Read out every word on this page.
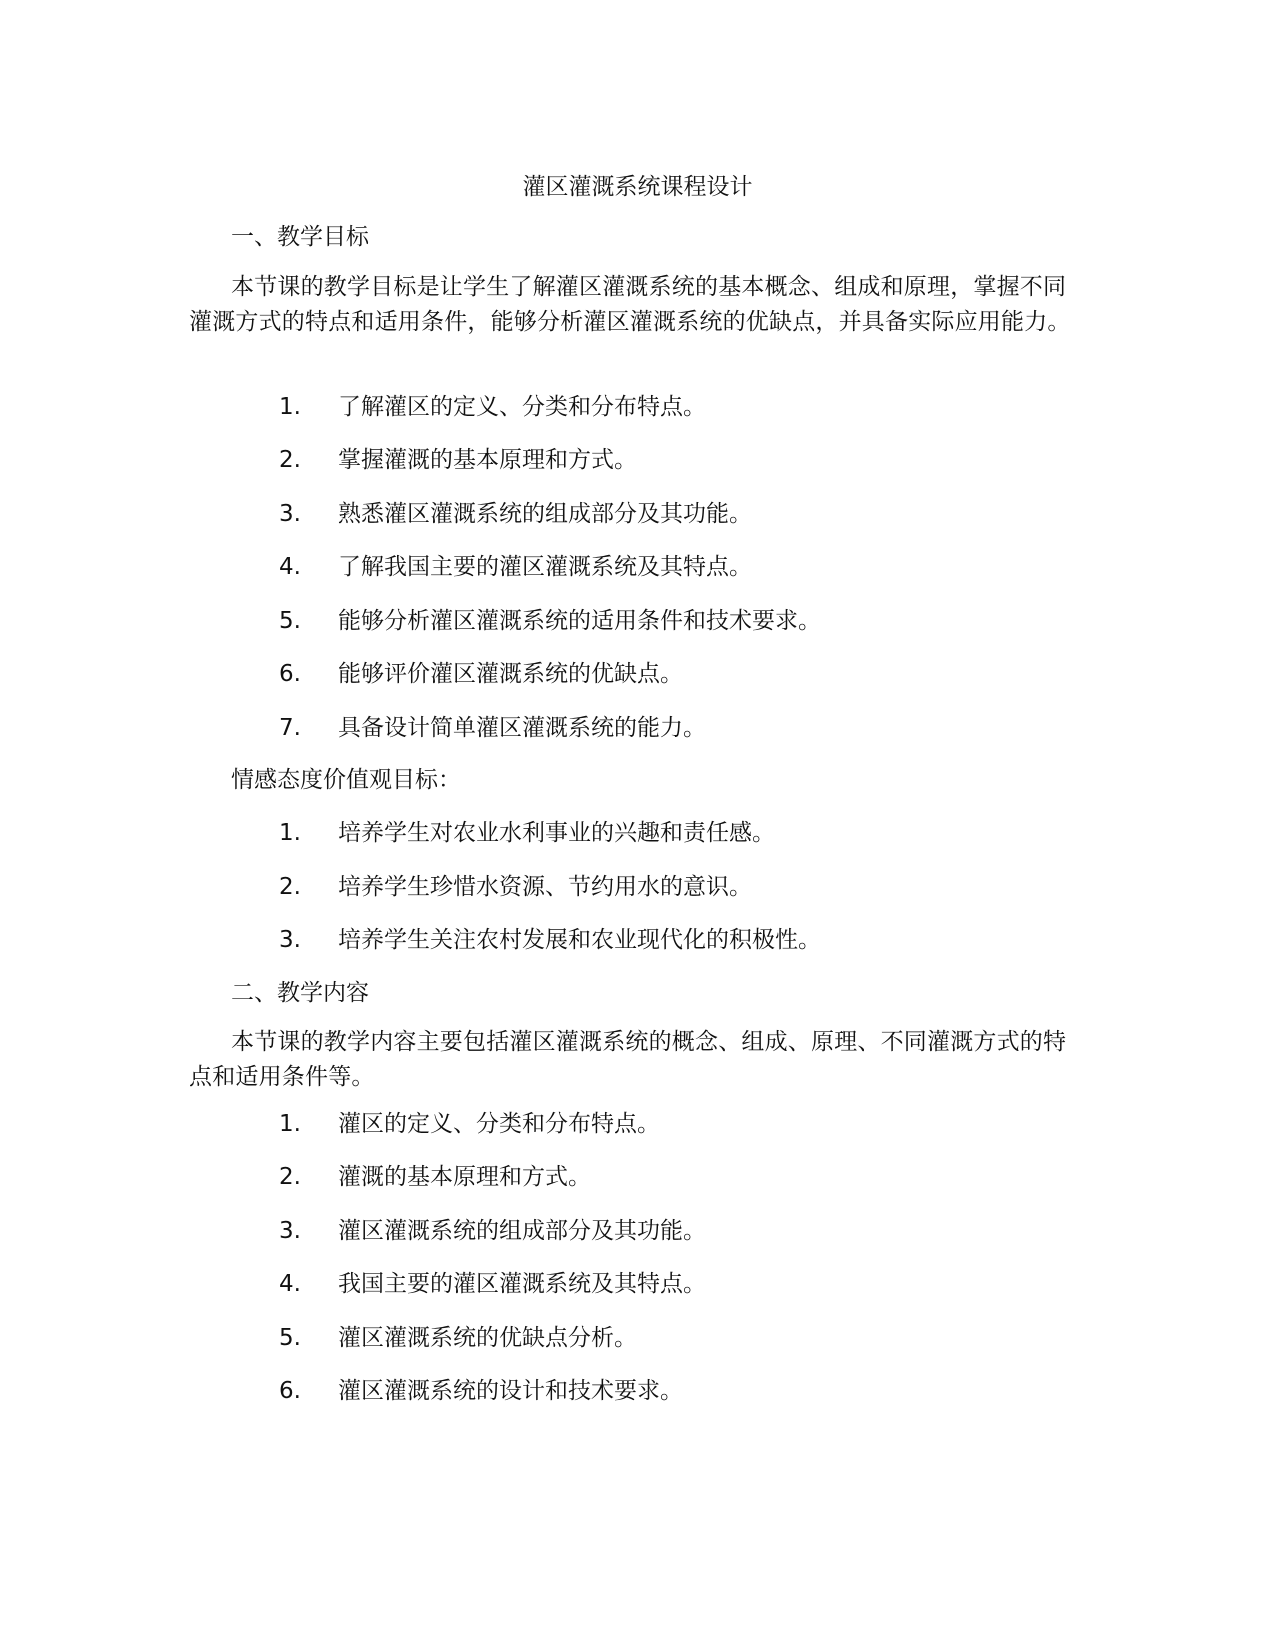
灌区灌溉系统课程设计
一、教学目标
本节课的教学目标是让学生了解灌区灌溉系统的基本概念、组成和原理，掌握不同灌溉方式的特点和适用条件，能够分析灌区灌溉系统的优缺点，并具备实际应用能力。
1.	了解灌区的定义、分类和分布特点。
2.	掌握灌溉的基本原理和方式。
3.	熟悉灌区灌溉系统的组成部分及其功能。
4.	了解我国主要的灌区灌溉系统及其特点。
5.	能够分析灌区灌溉系统的适用条件和技术要求。
6.	能够评价灌区灌溉系统的优缺点。
7.	具备设计简单灌区灌溉系统的能力。
情感态度价值观目标：
1.	培养学生对农业水利事业的兴趣和责任感。
2.	培养学生珍惜水资源、节约用水的意识。
3.	培养学生关注农村发展和农业现代化的积极性。
二、教学内容
本节课的教学内容主要包括灌区灌溉系统的概念、组成、原理、不同灌溉方式的特点和适用条件等。
1.	灌区的定义、分类和分布特点。
2.	灌溉的基本原理和方式。
3.	灌区灌溉系统的组成部分及其功能。
4.	我国主要的灌区灌溉系统及其特点。
5.	灌区灌溉系统的优缺点分析。
6.	灌区灌溉系统的设计和技术要求。
